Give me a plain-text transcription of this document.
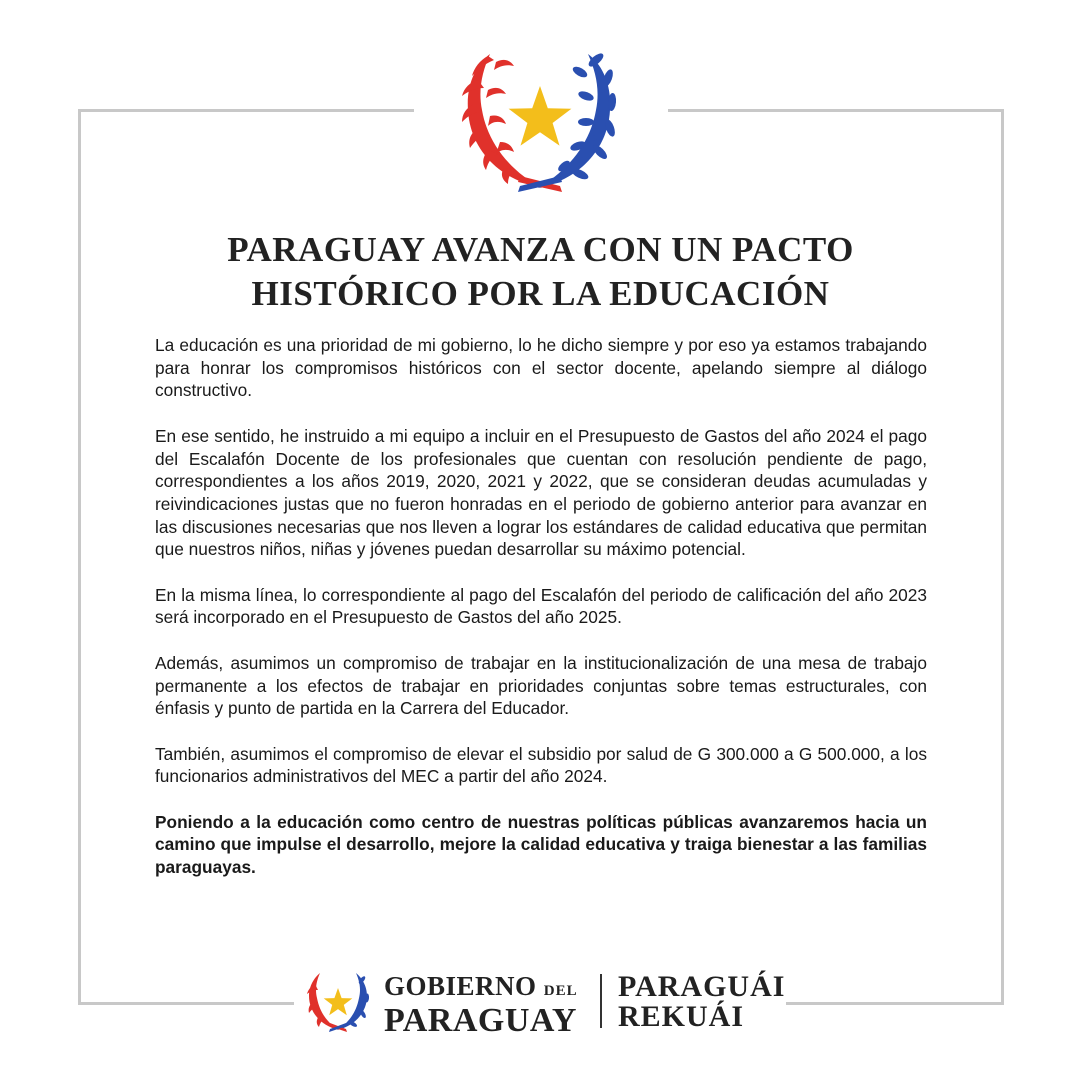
PARAGUAY AVANZA CON UN PACTO
HISTÓRICO POR LA EDUCACIÓN

La educación es una prioridad de mi gobierno, lo he dicho siempre y por eso ya estamos trabajando para honrar los compromisos históricos con el sector docente, apelando siempre al diálogo constructivo.

En ese sentido, he instruido a mi equipo a incluir en el Presupuesto de Gastos del año 2024 el pago del Escalafón Docente de los profesionales que cuentan con resolución pendiente de pago, correspondientes a los años 2019, 2020, 2021 y 2022, que se consideran deudas acumuladas y reivindicaciones justas que no fueron honradas en el periodo de gobierno anterior para avanzar en las discusiones necesarias que nos lleven a lograr los estándares de calidad educativa que permitan que nuestros niños, niñas y jóvenes puedan desarrollar su máximo potencial.

En la misma línea, lo correspondiente al pago del Escalafón del periodo de calificación del año 2023 será incorporado en el Presupuesto de Gastos del año 2025.

Además, asumimos un compromiso de trabajar en la institucionalización de una mesa de trabajo permanente a los efectos de trabajar en prioridades conjuntas sobre temas estructurales, con énfasis y punto de partida en la Carrera del Educador.

También, asumimos el compromiso de elevar el subsidio por salud de G 300.000 a G 500.000, a los funcionarios administrativos del MEC a partir del año 2024.

Poniendo a la educación como centro de nuestras políticas públicas avanzaremos hacia un camino que impulse el desarrollo, mejore la calidad educativa y traiga bienestar a las familias paraguayas.

GOBIERNO DEL
PARAGUAY
PARAGUÁI
REKUÁI
